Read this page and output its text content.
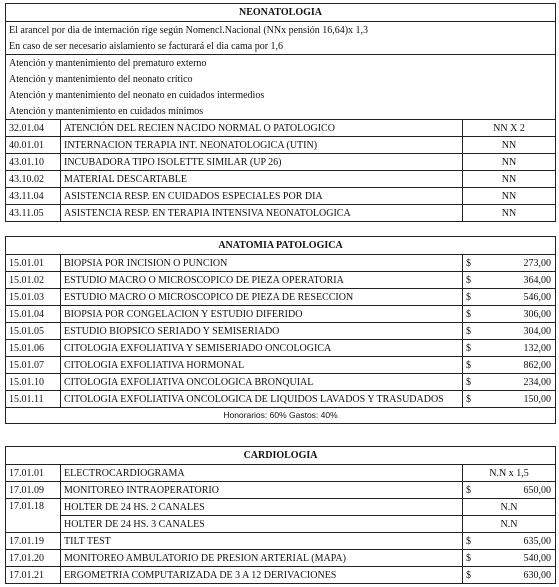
NEONATOLOGIA		
El arancel por dia de internación rige según Nomencl.Nacional (NNx pensión 16,64)x 1,3		
En caso de ser necesario aislamiento se facturará el dia cama por 1,6		
Atención y mantenimiento del prematuro externo		
Atención y mantenimiento del neonato crítico		
Atención y mantenimiento del neonato en cuidados intermedios		
Atención y mantenimiento en cuidados mínimos		
32.01.04	ATENCIÓN DEL RECIEN NACIDO NORMAL O PATOLOGICO	NN X 2
40.01.01	INTERNACION TERAPIA INT. NEONATOLOGICA (UTIN)	NN
43.01.10	INCUBADORA TIPO ISOLETTE SIMILAR (UP 26)	NN
43.10.02	MATERIAL DESCARTABLE	NN
43.11.04	ASISTENCIA RESP. EN CUIDADOS ESPECIALES POR DIA	NN
43.11.05	ASISTENCIA RESP. EN TERAPIA INTENSIVA NEONATOLOGICA	NN
ANATOMIA PATOLOGICA			
15.01.01	BIOPSIA POR INCISION O PUNCION	$	273,00
15.01.02	ESTUDIO MACRO O MICROSCOPICO DE PIEZA OPERATORIA	$	364,00
15.01.03	ESTUDIO MACRO O MICROSCOPICO DE PIEZA DE RESECCION	$	546,00
15.01.04	BIOPSIA POR CONGELACION Y ESTUDIO DIFERIDO	$	306,00
15.01.05	ESTUDIO BIOPSICO SERIADO Y SEMISERIADO	$	304,00
15.01.06	CITOLOGIA EXFOLIATIVA Y SEMISERIADO ONCOLOGICA	$	132,00
15.01.07	CITOLOGIA EXFOLIATIVA HORMONAL	$	862,00
15.01.10	CITOLOGIA EXFOLIATIVA ONCOLOGICA BRONQUIAL	$	234,00
15.01.11	CITOLOGIA EXFOLIATIVA ONCOLOGICA DE LIQUIDOS LAVADOS Y TRASUDADOS	$	150,00
Honorarios: 60% Gastos: 40%			
CARDIOLOGIA			
17.01.01	ELECTROCARDIOGRAMA	N.N x 1,5	
17.01.09	MONITOREO INTRAOPERATORIO	$	650,00
17.01.18	HOLTER DE 24 HS. 2 CANALES	N.N	
	HOLTER DE 24 HS. 3 CANALES	N.N	
17.01.19	TILT TEST	$	635,00
17.01.20	MONITOREO AMBULATORIO DE PRESION ARTERIAL (MAPA)	$	540,00
17.01.21	ERGOMETRIA COMPUTARIZADA DE 3 A 12 DERIVACIONES	$	630,00
